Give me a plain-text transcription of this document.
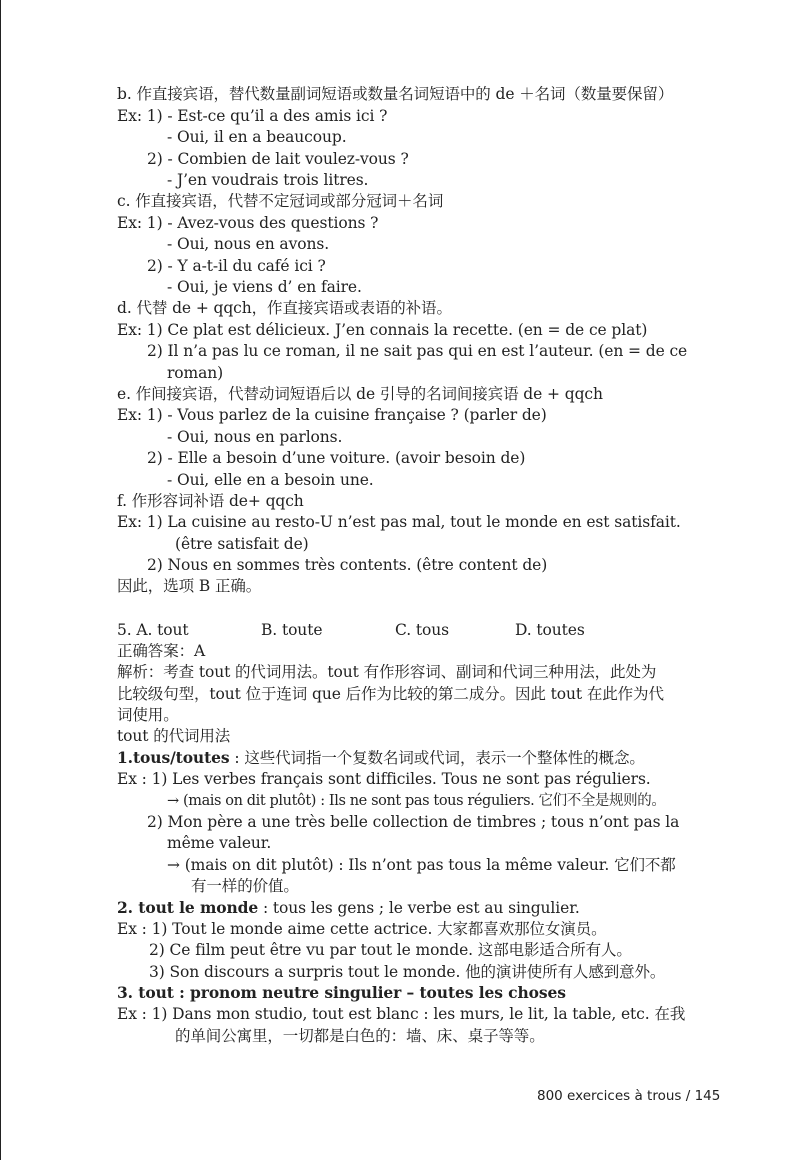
b. 作直接宾语，替代数量副词短语或数量名词短语中的 de ＋名词（数量要保留）
Ex: 1) - Est-ce qu’il a des amis ici ?
- Oui, il en a beaucoup.
2) - Combien de lait voulez-vous ?
- J’en voudrais trois litres.
c. 作直接宾语，代替不定冠词或部分冠词＋名词
Ex: 1) - Avez-vous des questions ?
- Oui, nous en avons.
2) - Y a-t-il du café ici ?
- Oui, je viens d’ en faire.
d. 代替 de + qqch，作直接宾语或表语的补语。
Ex: 1) Ce plat est délicieux. J’en connais la recette. (en = de ce plat)
2) Il n’a pas lu ce roman, il ne sait pas qui en est l’auteur. (en = de ce
roman)
e. 作间接宾语，代替动词短语后以 de 引导的名词间接宾语 de + qqch
Ex: 1) - Vous parlez de la cuisine française ? (parler de)
- Oui, nous en parlons.
2) - Elle a besoin d’une voiture. (avoir besoin de)
- Oui, elle en a besoin une.
f. 作形容词补语 de+ qqch
Ex: 1) La cuisine au resto-U n’est pas mal, tout le monde en est satisfait.
(être satisfait de)
2) Nous en sommes très contents. (être content de)
因此，选项 B 正确。
5. A. tout	B. toute	C. tous	D. toutes
正确答案：A
解析：考查 tout 的代词用法。tout 有作形容词、副词和代词三种用法，此处为
比较级句型，tout 位于连词 que 后作为比较的第二成分。因此 tout 在此作为代
词使用。
tout 的代词用法
1.tous/toutes : 这些代词指一个复数名词或代词，表示一个整体性的概念。
Ex : 1) Les verbes français sont difficiles. Tous ne sont pas réguliers.
→ (mais on dit plutôt) : Ils ne sont pas tous réguliers. 它们不全是规则的。
2) Mon père a une très belle collection de timbres ; tous n’ont pas la
même valeur.
→ (mais on dit plutôt) : Ils n’ont pas tous la même valeur. 它们不都
有一样的价值。
2. tout le monde : tous les gens ; le verbe est au singulier.
Ex : 1) Tout le monde aime cette actrice. 大家都喜欢那位女演员。
2) Ce film peut être vu par tout le monde. 这部电影适合所有人。
3) Son discours a surpris tout le monde. 他的演讲使所有人感到意外。
3. tout : pronom neutre singulier – toutes les choses
Ex : 1) Dans mon studio, tout est blanc : les murs, le lit, la table, etc. 在我
的单间公寓里，一切都是白色的：墙、床、桌子等等。
800 exercices à trous / 145
